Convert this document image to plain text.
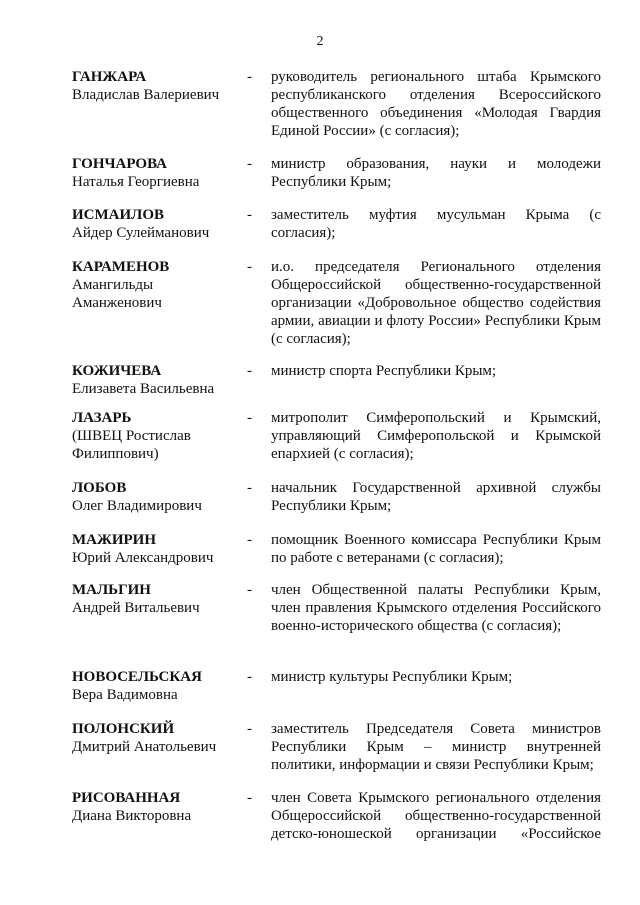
2
ГАНЖАРА
Владислав Валериевич
- руководитель регионального штаба Крымского республиканского отделения Всероссийского общественного объединения «Молодая Гвардия Единой России» (с согласия);
ГОНЧАРОВА
Наталья Георгиевна
- министр образования, науки и молодежи Республики Крым;
ИСМАИЛОВ
Айдер Сулейманович
- заместитель муфтия мусульман Крыма (с согласия);
КАРАМЕНОВ
Амангильды Аманженович
- и.о. председателя Регионального отделения Общероссийской общественно-государственной организации «Добровольное общество содействия армии, авиации и флоту России» Республики Крым (с согласия);
КОЖИЧЕВА
Елизавета Васильевна
- министр спорта Республики Крым;
ЛАЗАРЬ
(ШВЕЦ Ростислав Филиппович)
- митрополит Симферопольский и Крымский, управляющий Симферопольской и Крымской епархией (с согласия);
ЛОБОВ
Олег Владимирович
- начальник Государственной архивной службы Республики Крым;
МАЖИРИН
Юрий Александрович
- помощник Военного комиссара Республики Крым по работе с ветеранами (с согласия);
МАЛЬГИН
Андрей Витальевич
- член Общественной палаты Республики Крым, член правления Крымского отделения Российского военно-исторического общества (с согласия);
НОВОСЕЛЬСКАЯ
Вера Вадимовна
- министр культуры Республики Крым;
ПОЛОНСКИЙ
Дмитрий Анатольевич
- заместитель Председателя Совета министров Республики Крым – министр внутренней политики, информации и связи Республики Крым;
РИСОВАННАЯ
Диана Викторовна
- член Совета Крымского регионального отделения Общероссийской общественно-государственной детско-юношеской организации «Российское
